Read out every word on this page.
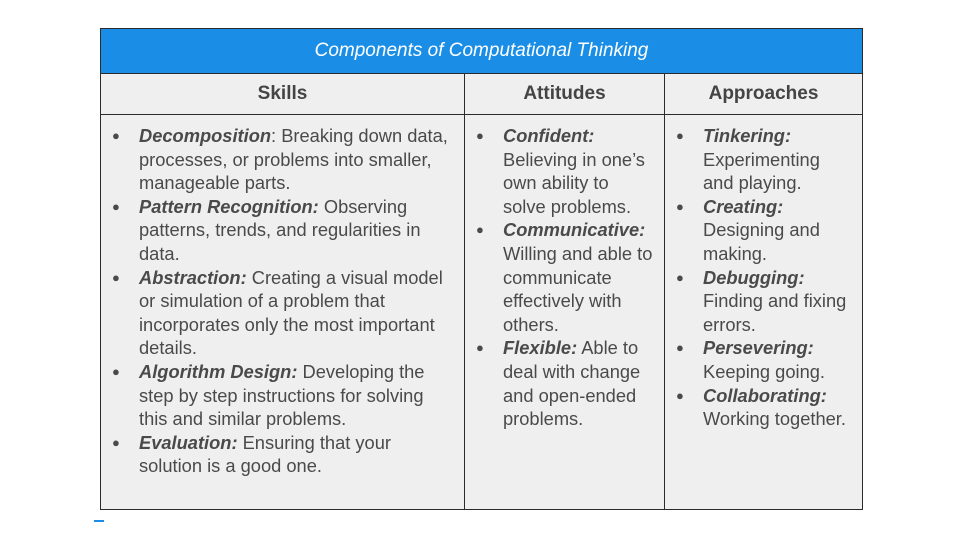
Components of Computational Thinking
Skills	Attitudes	Approaches
● Decomposition: Breaking down data, processes, or problems into smaller, manageable parts.
● Pattern Recognition: Observing patterns, trends, and regularities in data.
● Abstraction: Creating a visual model or simulation of a problem that incorporates only the most important details.
● Algorithm Design: Developing the step by step instructions for solving this and similar problems.
● Evaluation: Ensuring that your solution is a good one.
● Confident: Believing in one’s own ability to solve problems.
● Communicative: Willing and able to communicate effectively with others.
● Flexible: Able to deal with change and open-ended problems.
● Tinkering: Experimenting and playing.
● Creating: Designing and making.
● Debugging: Finding and fixing errors.
● Persevering: Keeping going.
● Collaborating: Working together.
